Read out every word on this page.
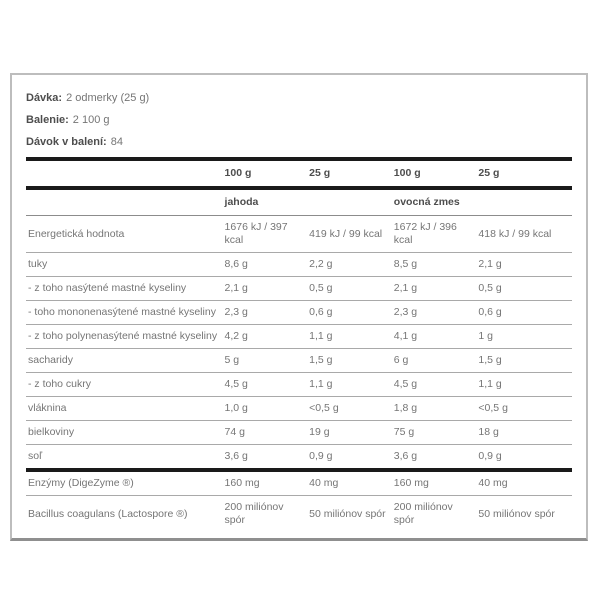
Dávka: 2 odmerky (25 g)
Balenie: 2 100 g
Dávok v balení: 84
	100 g	25 g	100 g	25 g
	jahoda		ovocná zmes	
Energetická hodnota	1676 kJ / 397 kcal	419 kJ / 99 kcal	1672 kJ / 396 kcal	418 kJ / 99 kcal
tuky	8,6 g	2,2 g	8,5 g	2,1 g
- z toho nasýtené mastné kyseliny	2,1 g	0,5 g	2,1 g	0,5 g
- toho mononenasýtené mastné kyseliny	2,3 g	0,6 g	2,3 g	0,6 g
- z toho polynenasýtené mastné kyseliny	4,2 g	1,1 g	4,1 g	1 g
sacharidy	5 g	1,5 g	6 g	1,5 g
- z toho cukry	4,5 g	1,1 g	4,5 g	1,1 g
vláknina	1,0 g	<0,5 g	1,8 g	<0,5 g
bielkoviny	74 g	19 g	75 g	18 g
soľ	3,6 g	0,9 g	3,6 g	0,9 g
Enzýmy (DigeZyme ®)	160 mg	40 mg	160 mg	40 mg
Bacillus coagulans (Lactospore ®)	200 miliónov spór	50 miliónov spór	200 miliónov spór	50 miliónov spór
